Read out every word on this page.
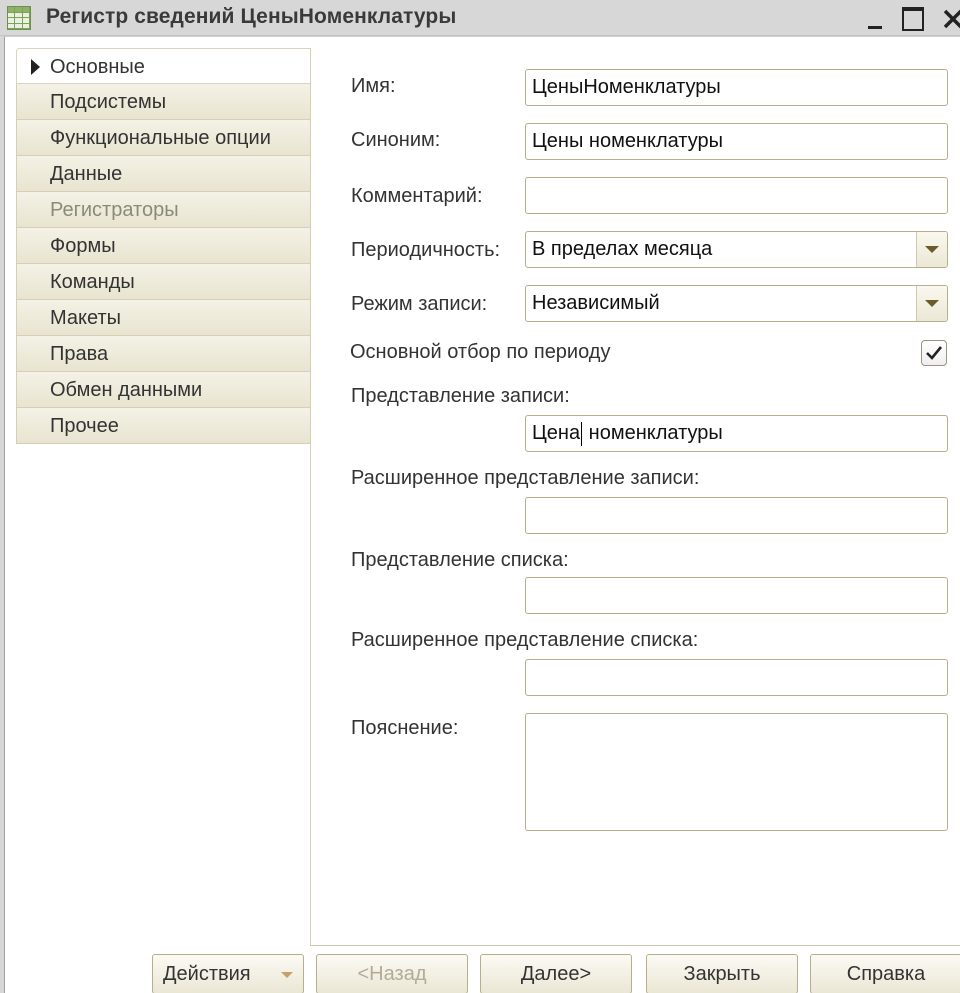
Регистр сведений ЦеныНоменклатуры
Основные
Подсистемы
Функциональные опции
Данные
Регистраторы
Формы
Команды
Макеты
Права
Обмен данными
Прочее
Имя:	ЦеныНоменклатуры
Синоним:	Цены номенклатуры
Комментарий:
Периодичность:	В пределах месяца
Режим записи:	Независимый
Основной отбор по периоду
Представление записи:
Цена номенклатуры
Расширенное представление записи:
Представление списка:
Расширенное представление списка:
Пояснение:
Действия	<Назад	Далее>	Закрыть	Справка
